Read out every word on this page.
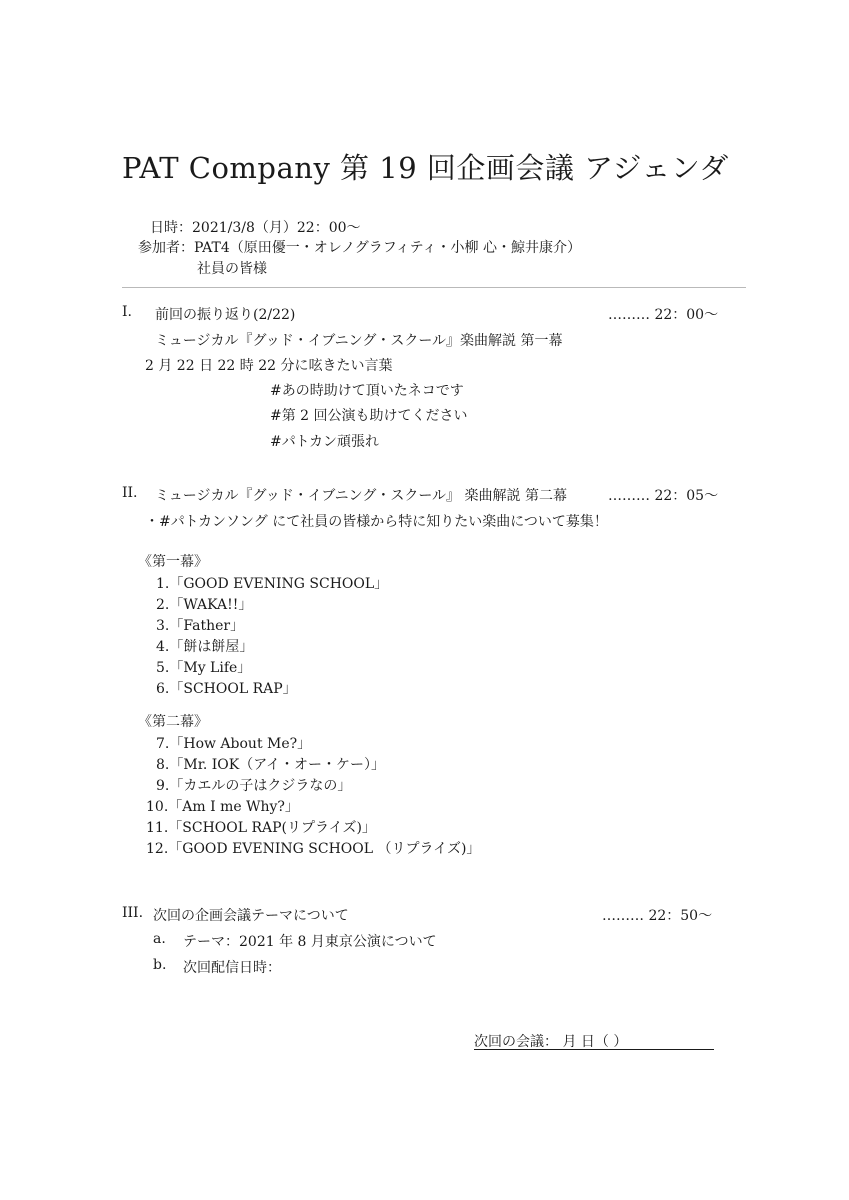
PAT Company 第 19 回企画会議 アジェンダ
日時：2021/3/8（月）22：00～
参加者：PAT4（原田優一・オレノグラフィティ・小柳 心・鯨井康介）
社員の皆様
I. 前回の振り返り(2/22)	……… 22：00～
ミュージカル『グッド・イブニング・スクール』楽曲解説 第一幕
2 月 22 日 22 時 22 分に呟きたい言葉
#あの時助けて頂いたネコです
#第 2 回公演も助けてください
#パトカン頑張れ
II. ミュージカル『グッド・イブニング・スクール』 楽曲解説 第二幕	……… 22：05～
・#パトカンソング にて社員の皆様から特に知りたい楽曲について募集！
《第一幕》
1.「GOOD EVENING SCHOOL」
2.「WAKA!!」
3.「Father」
4.「餅は餅屋」
5.「My Life」
6.「SCHOOL RAP」
《第二幕》
7.「How About Me?」
8.「Mr. IOK（アイ・オー・ケー）」
9.「カエルの子はクジラなの」
10.「Am I me Why?」
11.「SCHOOL RAP(リプライズ)」
12.「GOOD EVENING SCHOOL （リプライズ)」
III. 次回の企画会議テーマについて	……… 22：50～
a. テーマ：2021 年 8 月東京公演について
b. 次回配信日時：
次回の会議： 月 日（ ）
